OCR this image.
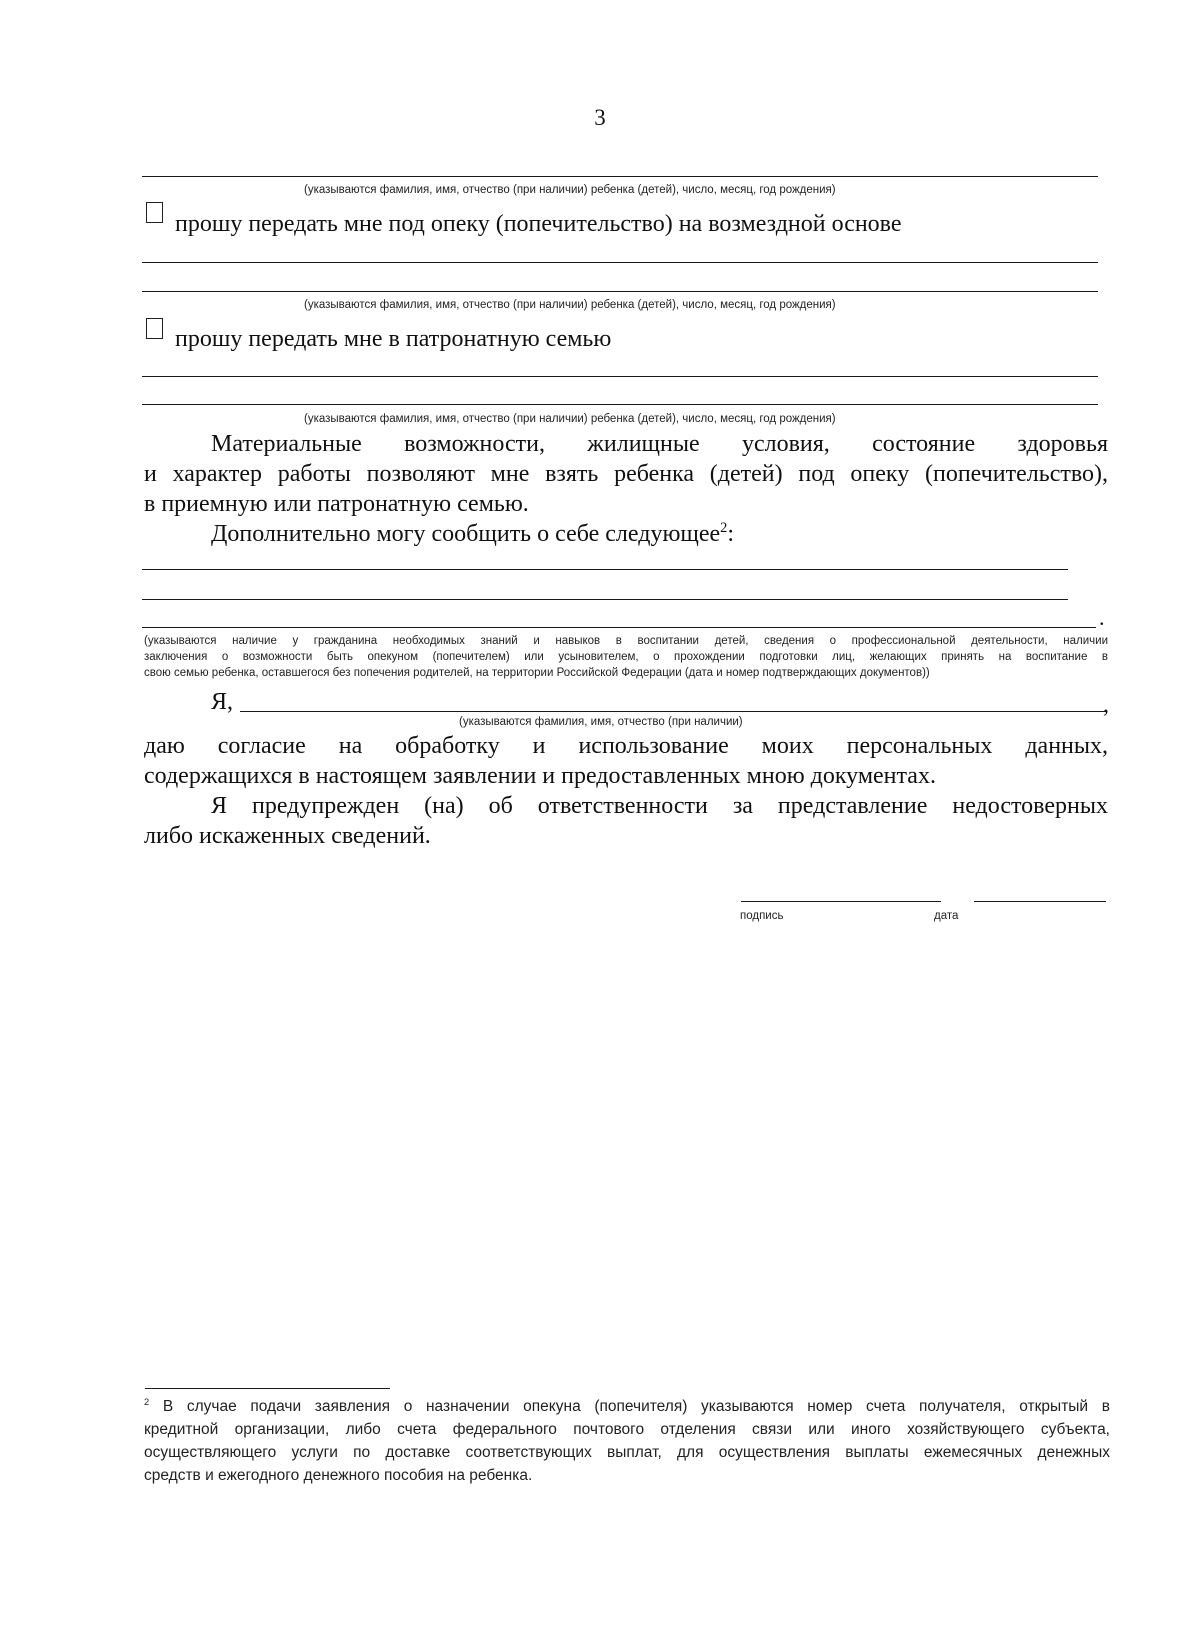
3
(указываются фамилия, имя, отчество (при наличии) ребенка (детей), число, месяц, год рождения)
прошу передать мне под опеку (попечительство) на возмездной основе
(указываются фамилия, имя, отчество (при наличии) ребенка (детей), число, месяц, год рождения)
прошу передать мне в патронатную семью
(указываются фамилия, имя, отчество (при наличии) ребенка (детей), число, месяц, год рождения)
Материальные возможности, жилищные условия, состояние здоровья
и характер работы позволяют мне взять ребенка (детей) под опеку (попечительство),
в приемную или патронатную семью.
Дополнительно могу сообщить о себе следующее$^2$:
.
(указываются наличие у гражданина необходимых знаний и навыков в воспитании детей, сведения о профессиональной деятельности, наличии
заключения о возможности быть опекуном (попечителем) или усыновителем, о прохождении подготовки лиц, желающих принять на воспитание в
свою семью ребенка, оставшегося без попечения родителей, на территории Российской Федерации (дата и номер подтверждающих документов))
Я,	,
(указываются фамилия, имя, отчество (при наличии)
даю согласие на обработку и использование моих персональных данных,
содержащихся в настоящем заявлении и предоставленных мною документах.
Я предупрежден (на) об ответственности за представление недостоверных
либо искаженных сведений.
подпись	дата
$^2$ В случае подачи заявления о назначении опекуна (попечителя) указываются номер счета получателя, открытый в
кредитной организации, либо счета федерального почтового отделения связи или иного хозяйствующего субъекта,
осуществляющего услуги по доставке соответствующих выплат, для осуществления выплаты ежемесячных денежных
средств и ежегодного денежного пособия на ребенка.
